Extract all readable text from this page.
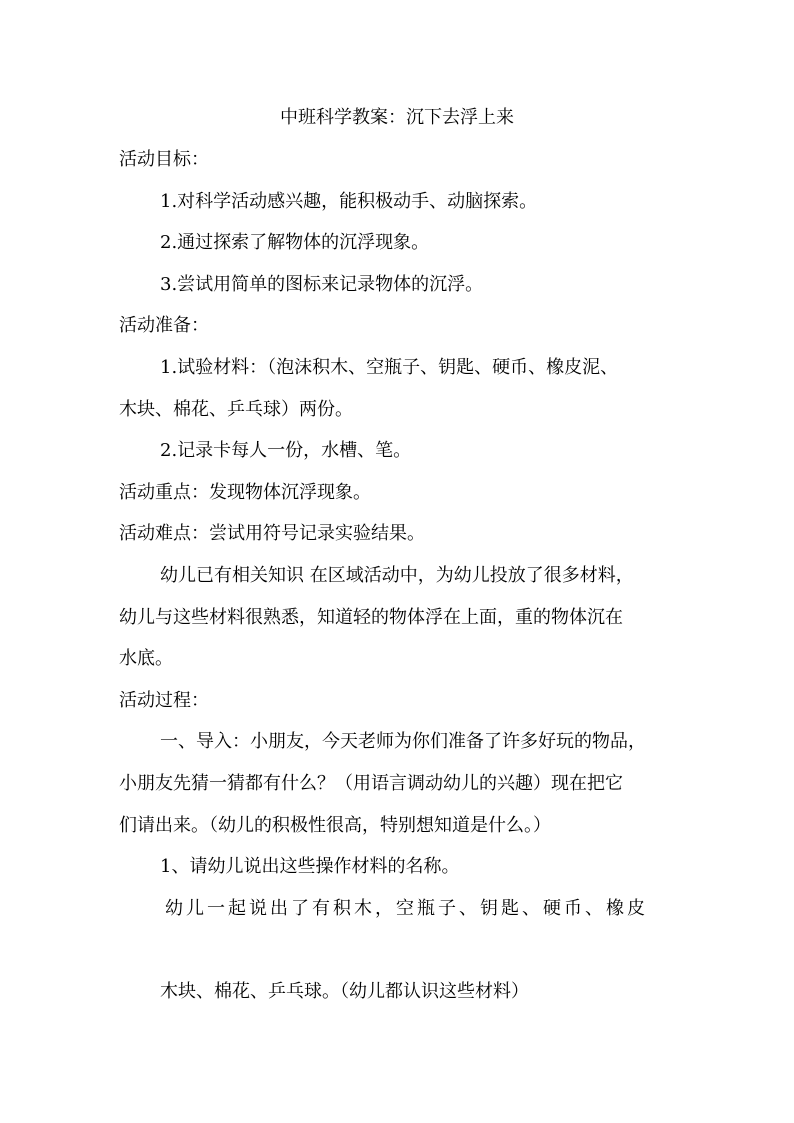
中班科学教案：沉下去浮上来

活动目标：

1.对科学活动感兴趣，能积极动手、动脑探索。

2.通过探索了解物体的沉浮现象。

3.尝试用简单的图标来记录物体的沉浮。

活动准备：

1.试验材料：（泡沫积木、空瓶子、钥匙、硬币、橡皮泥、

木块、棉花、乒乓球）两份。

2.记录卡每人一份，水槽、笔。

活动重点：发现物体沉浮现象。

活动难点：尝试用符号记录实验结果。

幼儿已有相关知识 在区域活动中，为幼儿投放了很多材料，

幼儿与这些材料很熟悉，知道轻的物体浮在上面，重的物体沉在

水底。

活动过程：

一、导入：小朋友，今天老师为你们准备了许多好玩的物品，

小朋友先猜一猜都有什么？（用语言调动幼儿的兴趣）现在把它

们请出来。（幼儿的积极性很高，特别想知道是什么。）

1、请幼儿说出这些操作材料的名称。

幼儿一起说出了有积木，空瓶子、钥匙、硬币、橡皮

木块、棉花、乒乓球。（幼儿都认识这些材料）
